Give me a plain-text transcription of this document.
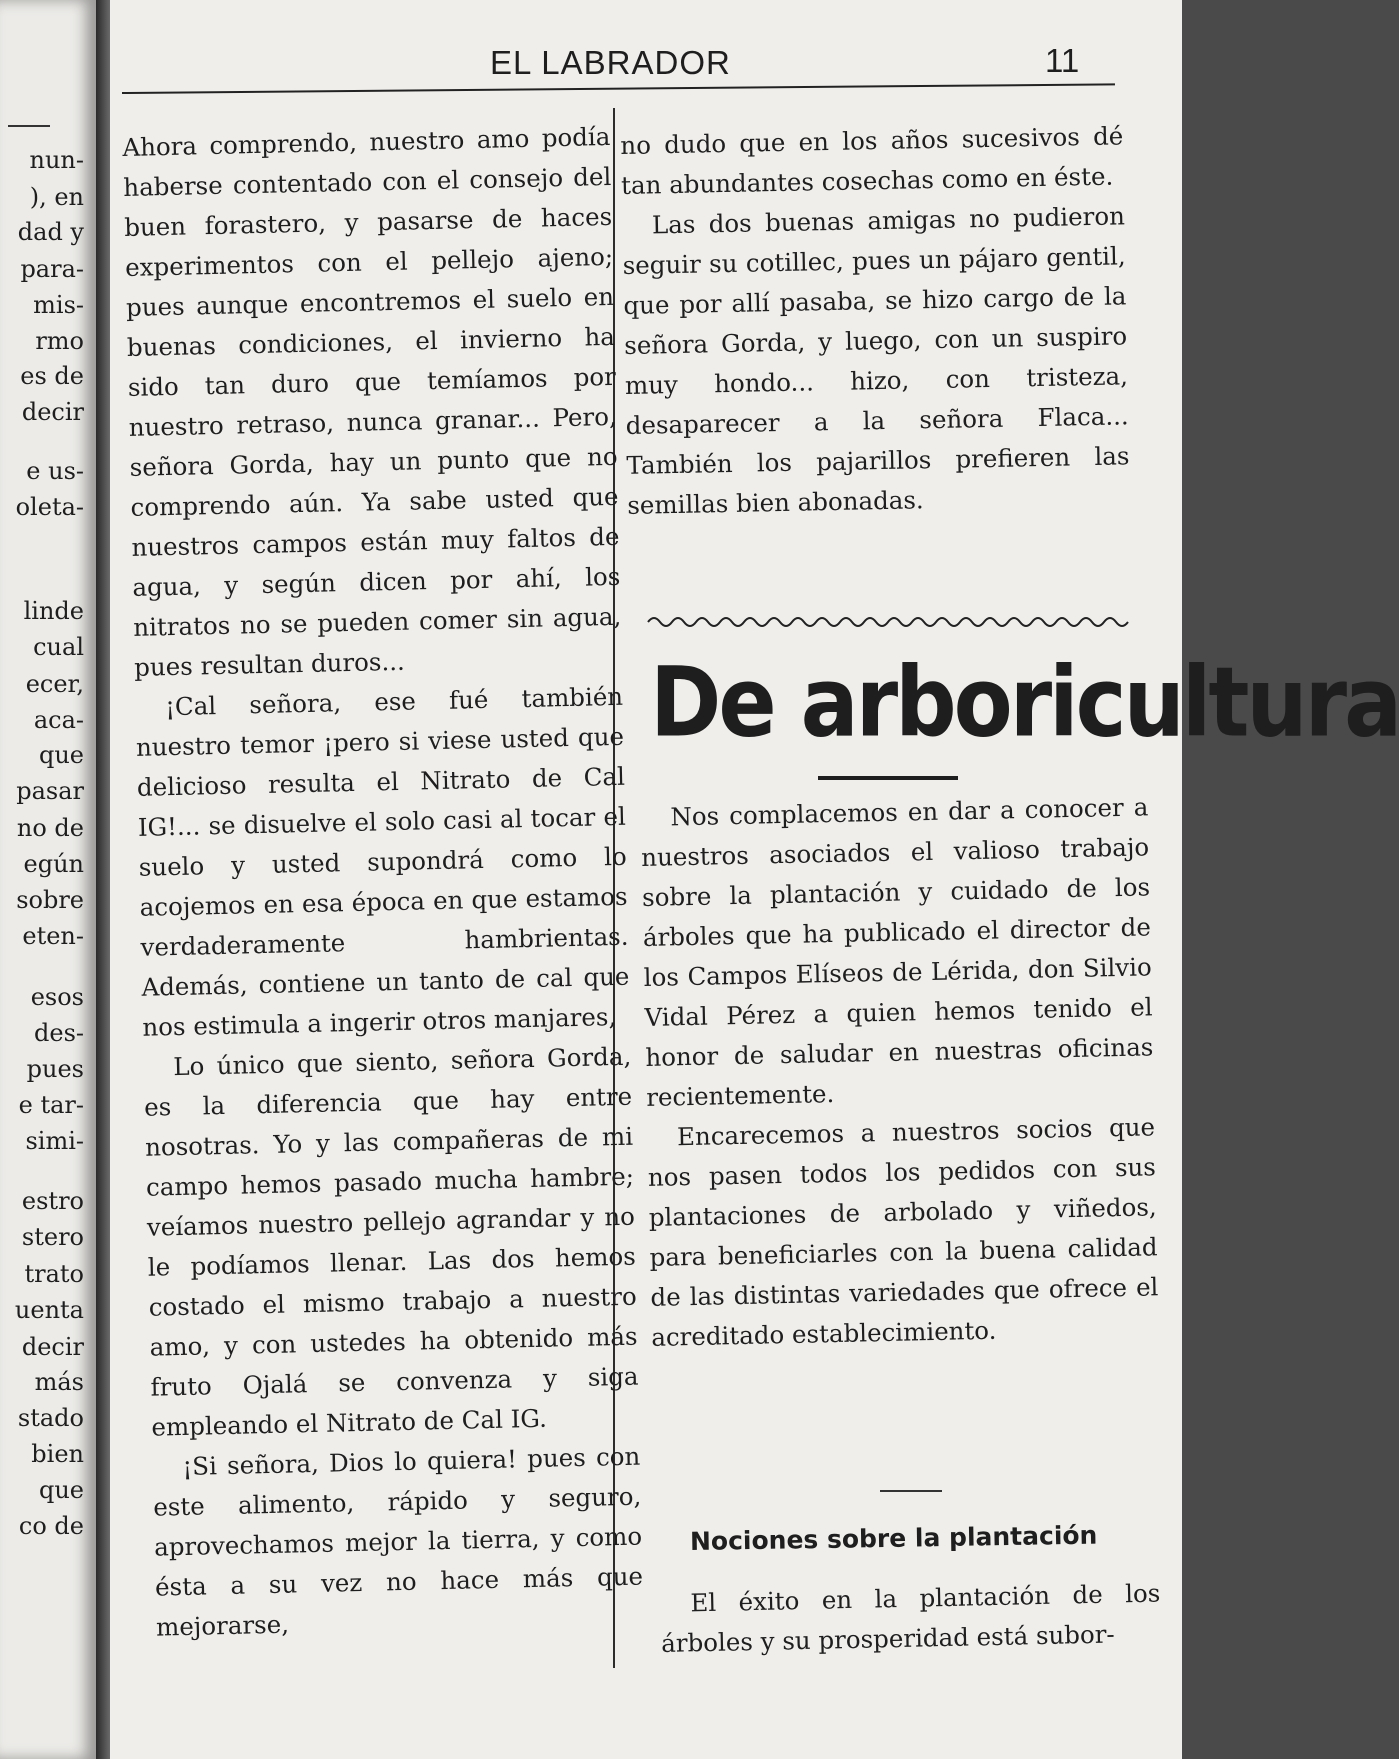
nun-
), en
dad y
para-
mis-
rmo
es de
decir
e us-
oleta-
linde
cual
ecer,
aca-
que
pasar
no de
egún
sobre
eten-
esos
des-
pues
e tar-
simi-
estro
stero
trato
uenta
decir
más
stado
bien
que
co de
EL LABRADOR	11

Ahora comprendo, nuestro amo podía haberse contentado con el consejo del buen forastero, y pasarse de haces experimentos con el pellejo ajeno; pues aunque encontremos el suelo en buenas condiciones, el invierno ha sido tan duro que temíamos por nuestro retraso, nunca granar... Pero, señora Gorda, hay un punto que no comprendo aún. Ya sabe usted que nuestros campos están muy faltos de agua, y según dicen por ahí, los nitratos no se pueden comer sin agua, pues resultan duros...

¡Cal señora, ese fué también nuestro temor ¡pero si viese usted que delicioso resulta el Nitrato de Cal IG!... se disuelve el solo casi al tocar el suelo y usted supondrá como lo acojemos en esa época en que estamos verdaderamente hambrientas. Además, contiene un tanto de cal que nos estimula a ingerir otros manjares,

Lo único que siento, señora Gorda, es la diferencia que hay entre nosotras. Yo y las compañeras de mi campo hemos pasado mucha hambre; veíamos nuestro pellejo agrandar y no le podíamos llenar. Las dos hemos costado el mismo trabajo a nuestro amo, y con ustedes ha obtenido más fruto Ojalá se convenza y siga empleando el Nitrato de Cal IG.

¡Si señora, Dios lo quiera! pues con este alimento, rápido y seguro, aprovechamos mejor la tierra, y como ésta a su vez no hace más que mejorarse,

no dudo que en los años sucesivos dé tan abundantes cosechas como en éste.

Las dos buenas amigas no pudieron seguir su cotillec, pues un pájaro gentil, que por allí pasaba, se hizo cargo de la señora Gorda, y luego, con un suspiro muy hondo... hizo, con tristeza, desaparecer a la señora Flaca... También los pajarillos prefieren las semillas bien abonadas.

De arboricultura

Nos complacemos en dar a conocer a nuestros asociados el valioso trabajo sobre la plantación y cuidado de los árboles que ha publicado el director de los Campos Elíseos de Lérida, don Silvio Vidal Pérez a quien hemos tenido el honor de saludar en nuestras oficinas recientemente.

Encarecemos a nuestros socios que nos pasen todos los pedidos con sus plantaciones de arbolado y viñedos, para beneficiarles con la buena calidad de las distintas variedades que ofrece el acreditado establecimiento.

Nociones sobre la plantación

El éxito en la plantación de los árboles y su prosperidad está subor-
